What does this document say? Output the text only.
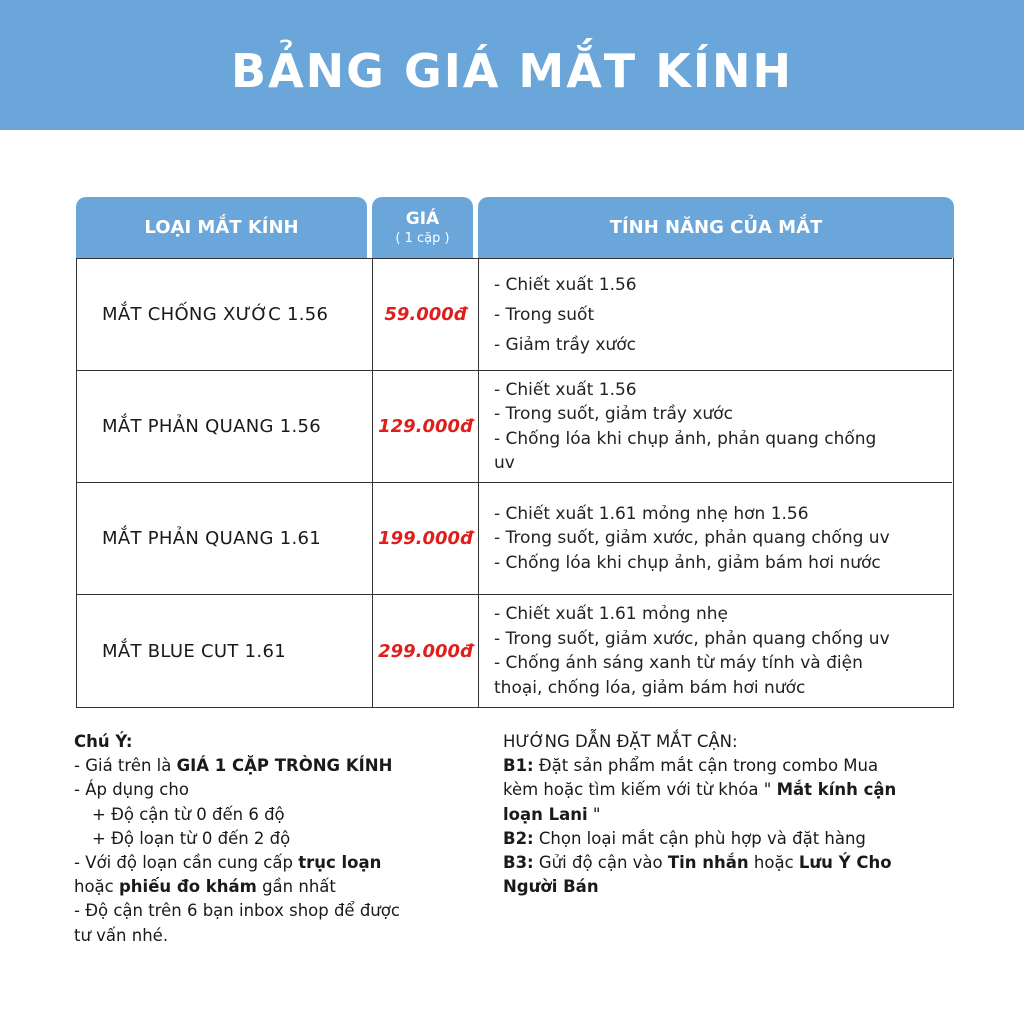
BẢNG GIÁ MẮT KÍNH
LOẠI MẮT KÍNH	GIÁ
( 1 cặp )
TÍNH NĂNG CỦA MẮT
MẮT CHỐNG XƯỚC 1.56	59.000đ
- Chiết xuất 1.56
- Trong suốt
- Giảm trầy xước
MẮT PHẢN QUANG 1.56	129.000đ
- Chiết xuất 1.56
- Trong suốt, giảm trầy xước
- Chống lóa khi chụp ảnh, phản quang chống
uv
MẮT PHẢN QUANG 1.61	199.000đ
- Chiết xuất 1.61 mỏng nhẹ hơn 1.56
- Trong suốt, giảm xước, phản quang chống uv
- Chống lóa khi chụp ảnh, giảm bám hơi nước
MẮT BLUE CUT 1.61	299.000đ
- Chiết xuất 1.61 mỏng nhẹ
- Trong suốt, giảm xước, phản quang chống uv
- Chống ánh sáng xanh từ máy tính và điện
thoại, chống lóa, giảm bám hơi nước
Chú Ý:
- Giá trên là GIÁ 1 CẶP TRÒNG KÍNH
- Áp dụng cho
+ Độ cận từ 0 đến 6 độ
+ Độ loạn từ 0 đến 2 độ
- Với độ loạn cần cung cấp trục loạn
hoặc phiếu đo khám gần nhất
- Độ cận trên 6 bạn inbox shop để được
tư vấn nhé.
HƯỚNG DẪN ĐẶT MẮT CẬN:
B1: Đặt sản phẩm mắt cận trong combo Mua
kèm hoặc tìm kiếm với từ khóa " Mắt kính cận
loạn Lani "
B2: Chọn loại mắt cận phù hợp và đặt hàng
B3: Gửi độ cận vào Tin nhắn hoặc Lưu Ý Cho
Người Bán
